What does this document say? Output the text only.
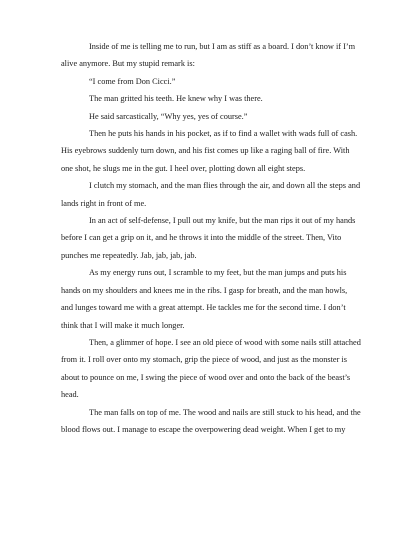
Inside of me is telling me to run, but I am as stiff as a board. I don’t know if I’m alive anymore. But my stupid remark is:

“I come from Don Cicci.”

The man gritted his teeth. He knew why I was there.

He said sarcastically, “Why yes, yes of course.”

Then he puts his hands in his pocket, as if to find a wallet with wads full of cash. His eyebrows suddenly turn down, and his fist comes up like a raging ball of fire. With one shot, he slugs me in the gut. I heel over, plotting down all eight steps.

I clutch my stomach, and the man flies through the air, and down all the steps and lands right in front of me.

In an act of self-defense, I pull out my knife, but the man rips it out of my hands before I can get a grip on it, and he throws it into the middle of the street. Then, Vito punches me repeatedly. Jab, jab, jab, jab.

As my energy runs out, I scramble to my feet, but the man jumps and puts his hands on my shoulders and knees me in the ribs. I gasp for breath, and the man howls, and lunges toward me with a great attempt. He tackles me for the second time. I don’t think that I will make it much longer.

Then, a glimmer of hope. I see an old piece of wood with some nails still attached from it. I roll over onto my stomach, grip the piece of wood, and just as the monster is about to pounce on me, I swing the piece of wood over and onto the back of the beast’s head.

The man falls on top of me. The wood and nails are still stuck to his head, and the blood flows out. I manage to escape the overpowering dead weight. When I get to my
